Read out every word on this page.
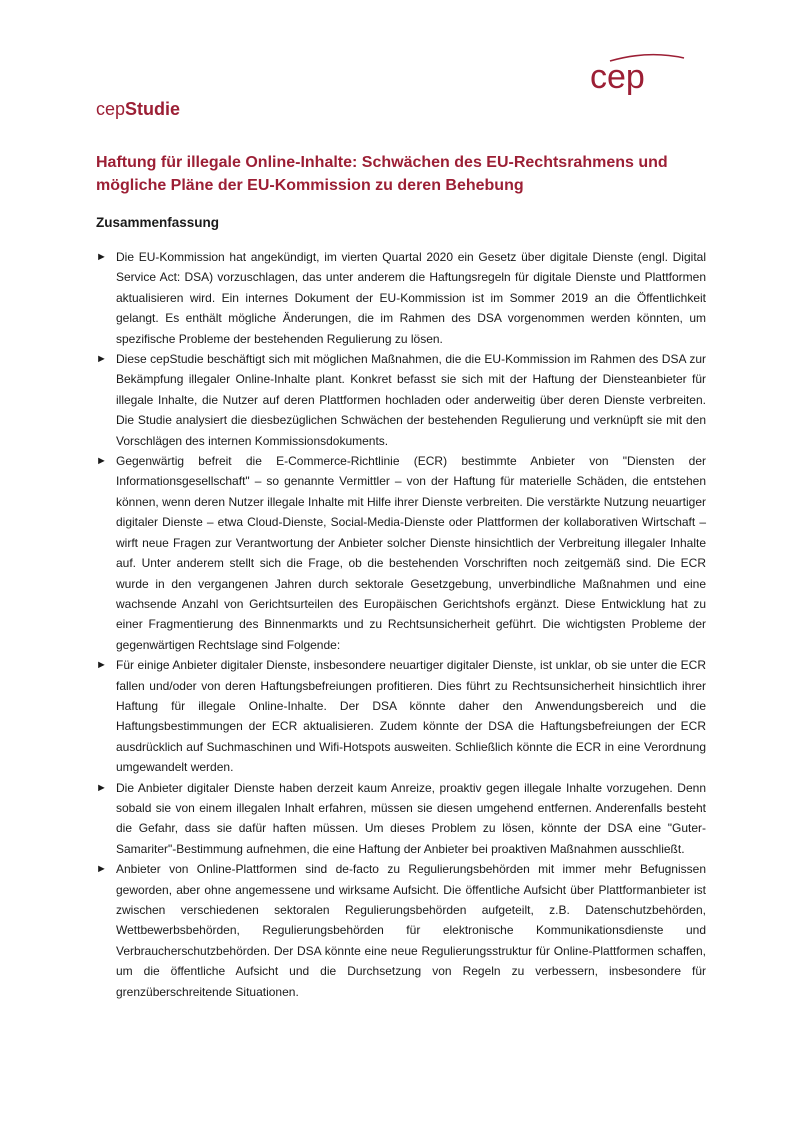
cep
cepStudie
Haftung für illegale Online-Inhalte: Schwächen des EU-Rechtsrahmens und mögliche Pläne der EU-Kommission zu deren Behebung
Zusammenfassung
► Die EU-Kommission hat angekündigt, im vierten Quartal 2020 ein Gesetz über digitale Dienste (engl. Digital Service Act: DSA) vorzuschlagen, das unter anderem die Haftungsregeln für digitale Dienste und Plattformen aktualisieren wird. Ein internes Dokument der EU-Kommission ist im Sommer 2019 an die Öffentlichkeit gelangt. Es enthält mögliche Änderungen, die im Rahmen des DSA vorgenommen werden könnten, um spezifische Probleme der bestehenden Regulierung zu lösen.
► Diese cepStudie beschäftigt sich mit möglichen Maßnahmen, die die EU-Kommission im Rahmen des DSA zur Bekämpfung illegaler Online-Inhalte plant. Konkret befasst sie sich mit der Haftung der Diensteanbieter für illegale Inhalte, die Nutzer auf deren Plattformen hochladen oder anderweitig über deren Dienste verbreiten. Die Studie analysiert die diesbezüglichen Schwächen der bestehenden Regulierung und verknüpft sie mit den Vorschlägen des internen Kommissionsdokuments.
► Gegenwärtig befreit die E-Commerce-Richtlinie (ECR) bestimmte Anbieter von "Diensten der Informationsgesellschaft" – so genannte Vermittler – von der Haftung für materielle Schäden, die entstehen können, wenn deren Nutzer illegale Inhalte mit Hilfe ihrer Dienste verbreiten. Die verstärkte Nutzung neuartiger digitaler Dienste – etwa Cloud-Dienste, Social-Media-Dienste oder Plattformen der kollaborativen Wirtschaft – wirft neue Fragen zur Verantwortung der Anbieter solcher Dienste hinsichtlich der Verbreitung illegaler Inhalte auf. Unter anderem stellt sich die Frage, ob die bestehenden Vorschriften noch zeitgemäß sind. Die ECR wurde in den vergangenen Jahren durch sektorale Gesetzgebung, unverbindliche Maßnahmen und eine wachsende Anzahl von Gerichtsurteilen des Europäischen Gerichtshofs ergänzt. Diese Entwicklung hat zu einer Fragmentierung des Binnenmarkts und zu Rechtsunsicherheit geführt. Die wichtigsten Probleme der gegenwärtigen Rechtslage sind Folgende:
► Für einige Anbieter digitaler Dienste, insbesondere neuartiger digitaler Dienste, ist unklar, ob sie unter die ECR fallen und/oder von deren Haftungsbefreiungen profitieren. Dies führt zu Rechtsunsicherheit hinsichtlich ihrer Haftung für illegale Online-Inhalte. Der DSA könnte daher den Anwendungsbereich und die Haftungsbestimmungen der ECR aktualisieren. Zudem könnte der DSA die Haftungsbefreiungen der ECR ausdrücklich auf Suchmaschinen und Wifi-Hotspots ausweiten. Schließlich könnte die ECR in eine Verordnung umgewandelt werden.
► Die Anbieter digitaler Dienste haben derzeit kaum Anreize, proaktiv gegen illegale Inhalte vorzugehen. Denn sobald sie von einem illegalen Inhalt erfahren, müssen sie diesen umgehend entfernen. Anderenfalls besteht die Gefahr, dass sie dafür haften müssen. Um dieses Problem zu lösen, könnte der DSA eine "Guter-Samariter"-Bestimmung aufnehmen, die eine Haftung der Anbieter bei proaktiven Maßnahmen ausschließt.
► Anbieter von Online-Plattformen sind de-facto zu Regulierungsbehörden mit immer mehr Befugnissen geworden, aber ohne angemessene und wirksame Aufsicht. Die öffentliche Aufsicht über Plattformanbieter ist zwischen verschiedenen sektoralen Regulierungsbehörden aufgeteilt, z.B. Datenschutzbehörden, Wettbewerbsbehörden, Regulierungsbehörden für elektronische Kommunikationsdienste und Verbraucherschutzbehörden. Der DSA könnte eine neue Regulierungsstruktur für Online-Plattformen schaffen, um die öffentliche Aufsicht und die Durchsetzung von Regeln zu verbessern, insbesondere für grenzüberschreitende Situationen.
